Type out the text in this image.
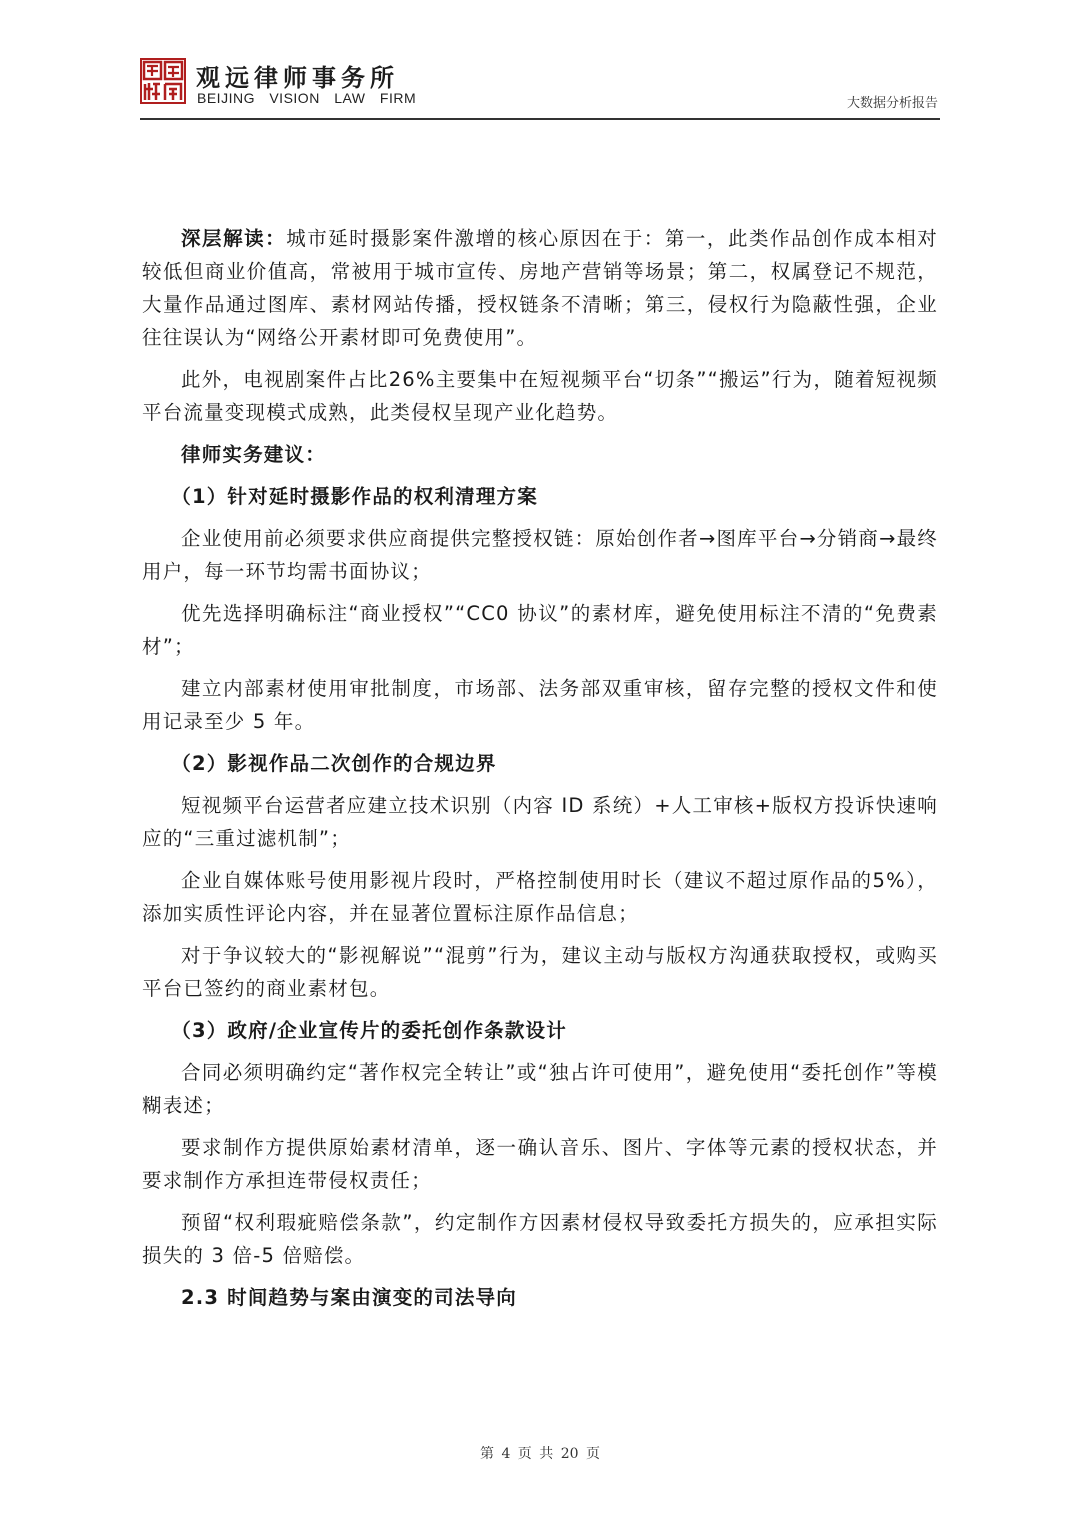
观远律师事务所
BEIJING VISION LAW FIRM	大数据分析报告

深层解读：城市延时摄影案件激增的核心原因在于：第一，此类作品创作成本相对较低但商业价值高，常被用于城市宣传、房地产营销等场景；第二，权属登记不规范，大量作品通过图库、素材网站传播，授权链条不清晰；第三，侵权行为隐蔽性强，企业往往误认为“网络公开素材即可免费使用”。

此外，电视剧案件占比26%主要集中在短视频平台“切条”“搬运”行为，随着短视频平台流量变现模式成熟，此类侵权呈现产业化趋势。

律师实务建议：

（1）针对延时摄影作品的权利清理方案

企业使用前必须要求供应商提供完整授权链：原始创作者→图库平台→分销商→最终用户，每一环节均需书面协议；

优先选择明确标注“商业授权”“CC0 协议”的素材库，避免使用标注不清的“免费素材”；

建立内部素材使用审批制度，市场部、法务部双重审核，留存完整的授权文件和使用记录至少 5 年。

（2）影视作品二次创作的合规边界

短视频平台运营者应建立技术识别（内容 ID 系统）+人工审核+版权方投诉快速响应的“三重过滤机制”；

企业自媒体账号使用影视片段时，严格控制使用时长（建议不超过原作品的5%），添加实质性评论内容，并在显著位置标注原作品信息；

对于争议较大的“影视解说”“混剪”行为，建议主动与版权方沟通获取授权，或购买平台已签约的商业素材包。

（3）政府/企业宣传片的委托创作条款设计

合同必须明确约定“著作权完全转让”或“独占许可使用”，避免使用“委托创作”等模糊表述；

要求制作方提供原始素材清单，逐一确认音乐、图片、字体等元素的授权状态，并要求制作方承担连带侵权责任；

预留“权利瑕疵赔偿条款”，约定制作方因素材侵权导致委托方损失的，应承担实际损失的 3 倍-5 倍赔偿。

2.3 时间趋势与案由演变的司法导向

第 4 页 共 20 页
